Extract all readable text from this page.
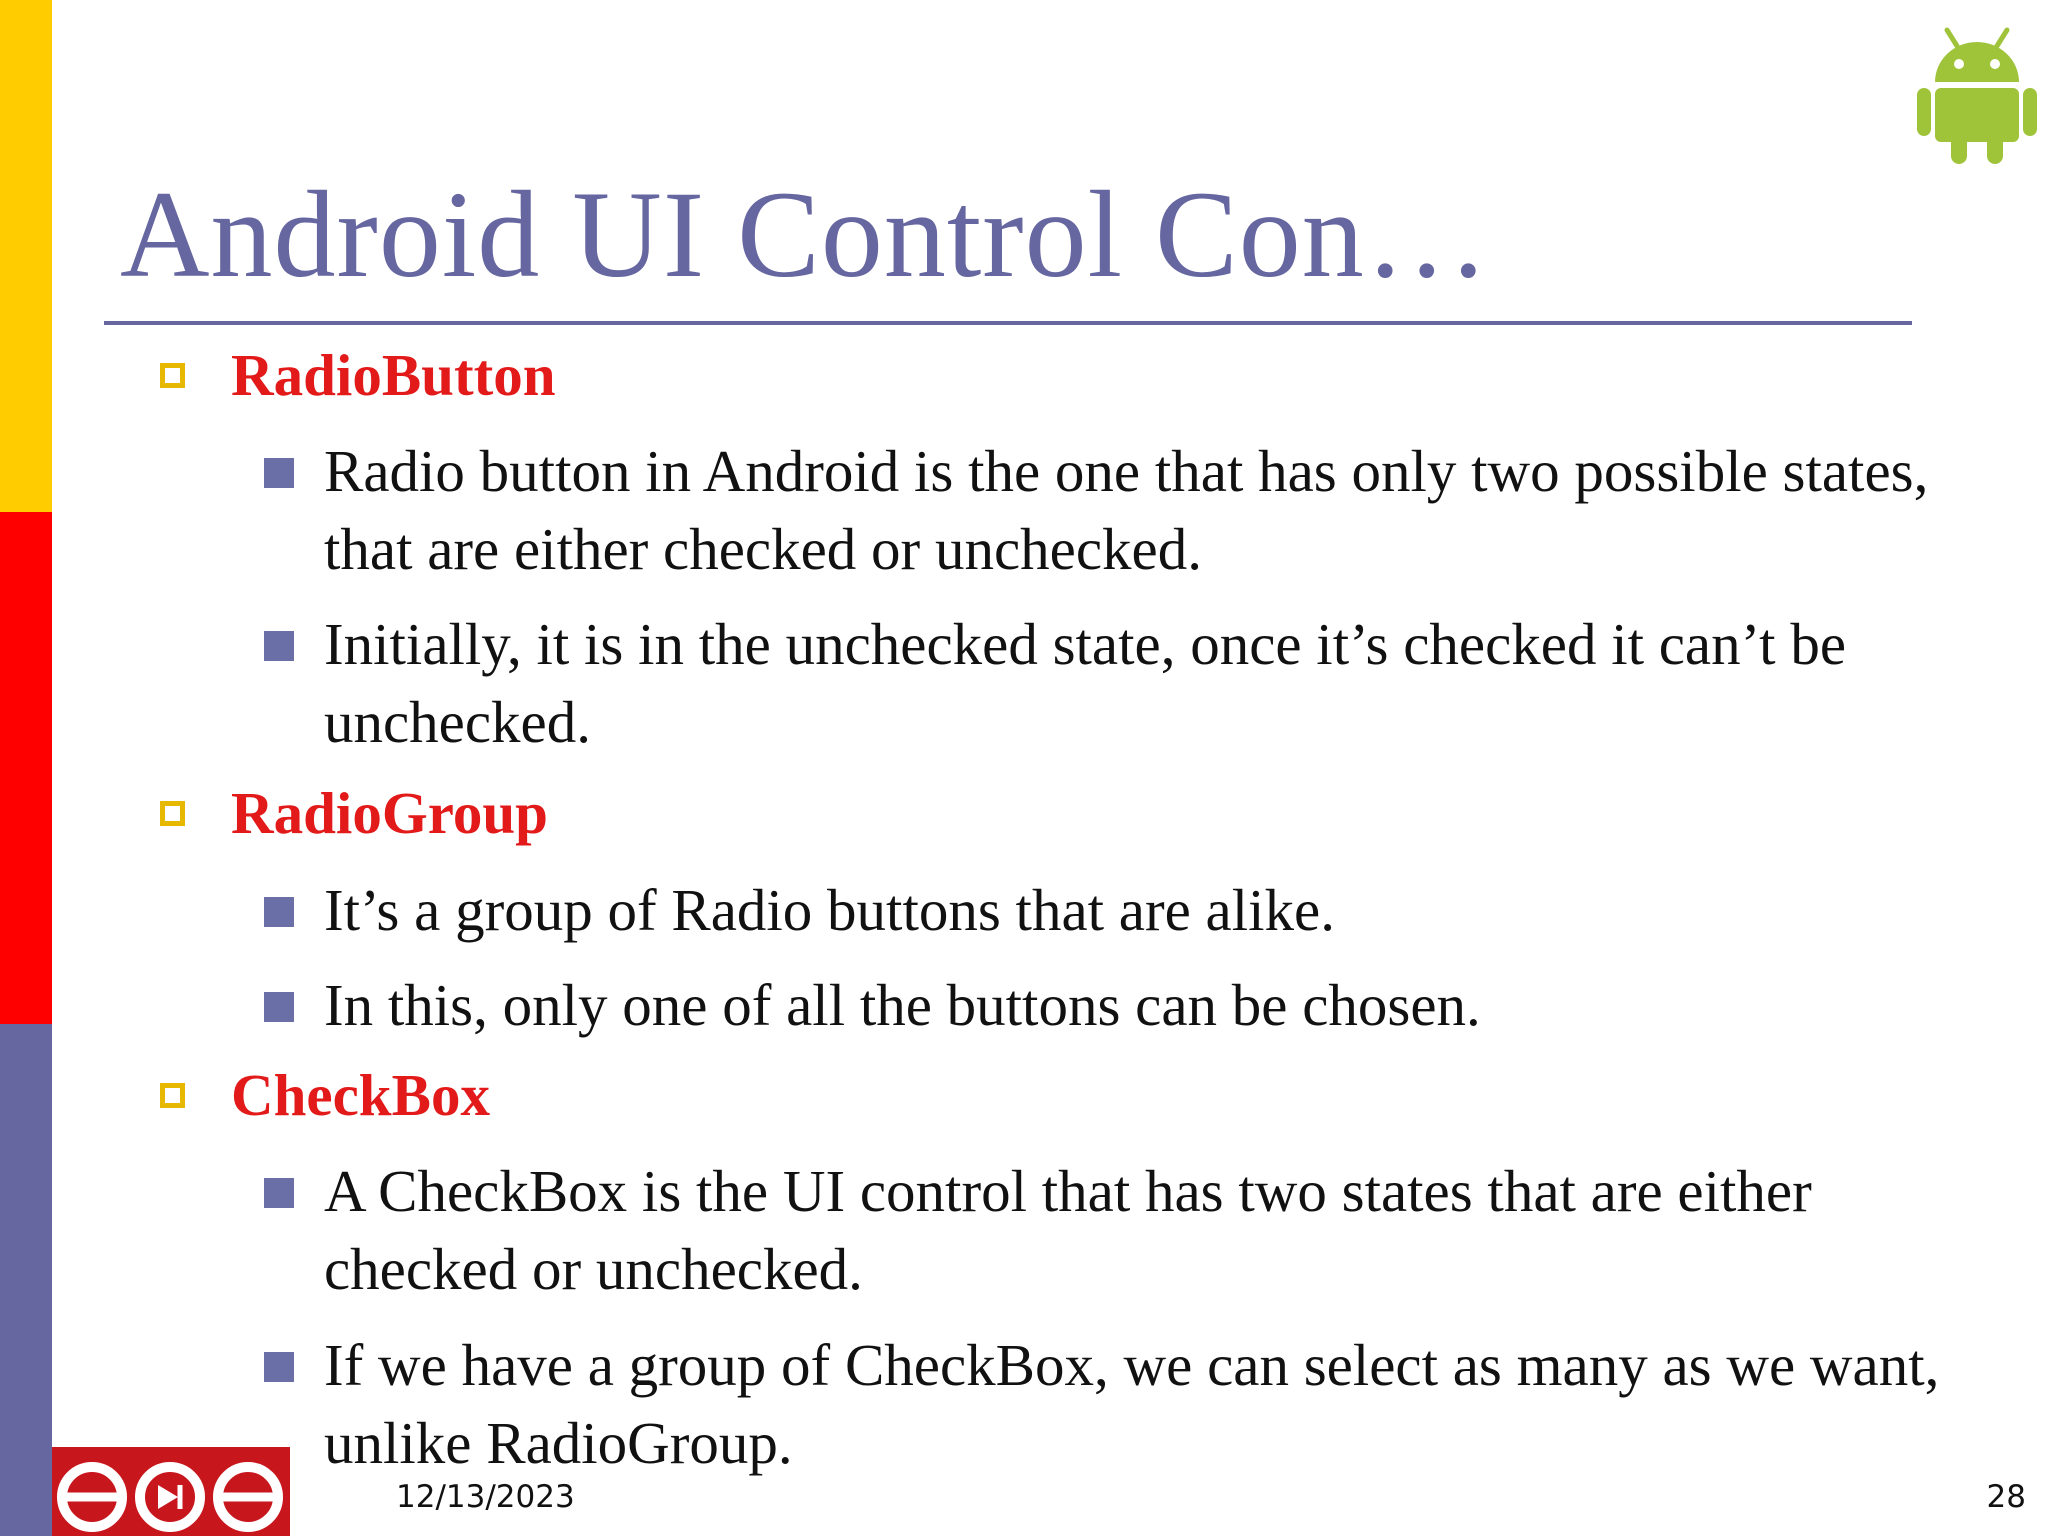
Android UI Control Con…
RadioButton
Radio button in Android is the one that has only two possible states, that are either checked or unchecked.
Initially, it is in the unchecked state, once it’s checked it can’t be unchecked.
RadioGroup
It’s a group of Radio buttons that are alike.
In this, only one of all the buttons can be chosen.
CheckBox
A CheckBox is the UI control that has two states that are either checked or unchecked.
If we have a group of CheckBox, we can select as many as we want, unlike RadioGroup.
12/13/2023	28
